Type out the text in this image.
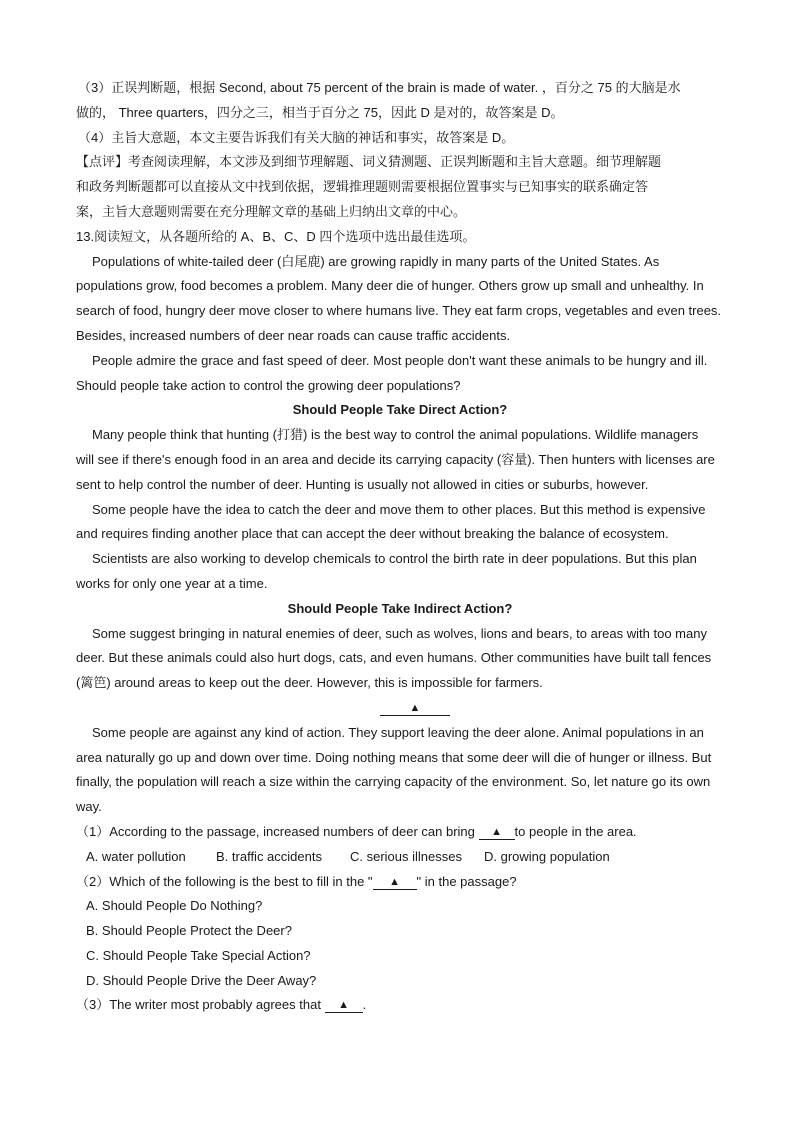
（3）正误判断题，根据 Second, about 75 percent of the brain is made of water. ，百分之 75 的大脑是水
做的， Three quarters，四分之三，相当于百分之 75，因此 D 是对的，故答案是 D。
（4）主旨大意题，本文主要告诉我们有关大脑的神话和事实，故答案是 D。
【点评】考查阅读理解，本文涉及到细节理解题、词义猜测题、正误判断题和主旨大意题。细节理解题
和政务判断题都可以直接从文中找到依据，逻辑推理题则需要根据位置事实与已知事实的联系确定答
案，主旨大意题则需要在充分理解文章的基础上归纳出文章的中心。
13.阅读短文，从各题所给的 A、B、C、D 四个选项中选出最佳选项。
Populations of white-tailed deer (白尾鹿) are growing rapidly in many parts of the United States. As
populations grow, food becomes a problem. Many deer die of hunger. Others grow up small and unhealthy. In
search of food, hungry deer move closer to where humans live. They eat farm crops, vegetables and even trees.
Besides, increased numbers of deer near roads can cause traffic accidents.
People admire the grace and fast speed of deer. Most people don't want these animals to be hungry and ill.
Should people take action to control the growing deer populations?
Should People Take Direct Action?
Many people think that hunting (打猎) is the best way to control the animal populations. Wildlife managers
will see if there's enough food in an area and decide its carrying capacity (容量). Then hunters with licenses are
sent to help control the number of deer. Hunting is usually not allowed in cities or suburbs, however.
Some people have the idea to catch the deer and move them to other places. But this method is expensive
and requires finding another place that can accept the deer without breaking the balance of ecosystem.
Scientists are also working to develop chemicals to control the birth rate in deer populations. But this plan
works for only one year at a time.
Should People Take Indirect Action?
Some suggest bringing in natural enemies of deer, such as wolves, lions and bears, to areas with too many
deer. But these animals could also hurt dogs, cats, and even humans. Other communities have built tall fences
(篱笆) around areas to keep out the deer. However, this is impossible for farmers.
▲
Some people are against any kind of action. They support leaving the deer alone. Animal populations in an
area naturally go up and down over time. Doing nothing means that some deer will die of hunger or illness. But
finally, the population will reach a size within the carrying capacity of the environment. So, let nature go its own
way.
（1）According to the passage, increased numbers of deer can bring ▲ to people in the area.
A. water pollution B. traffic accidents C. serious illnesses D. growing population
（2）Which of the following is the best to fill in the " ▲ " in the passage?
A. Should People Do Nothing?
B. Should People Protect the Deer?
C. Should People Take Special Action?
D. Should People Drive the Deer Away?
（3）The writer most probably agrees that ▲ .
